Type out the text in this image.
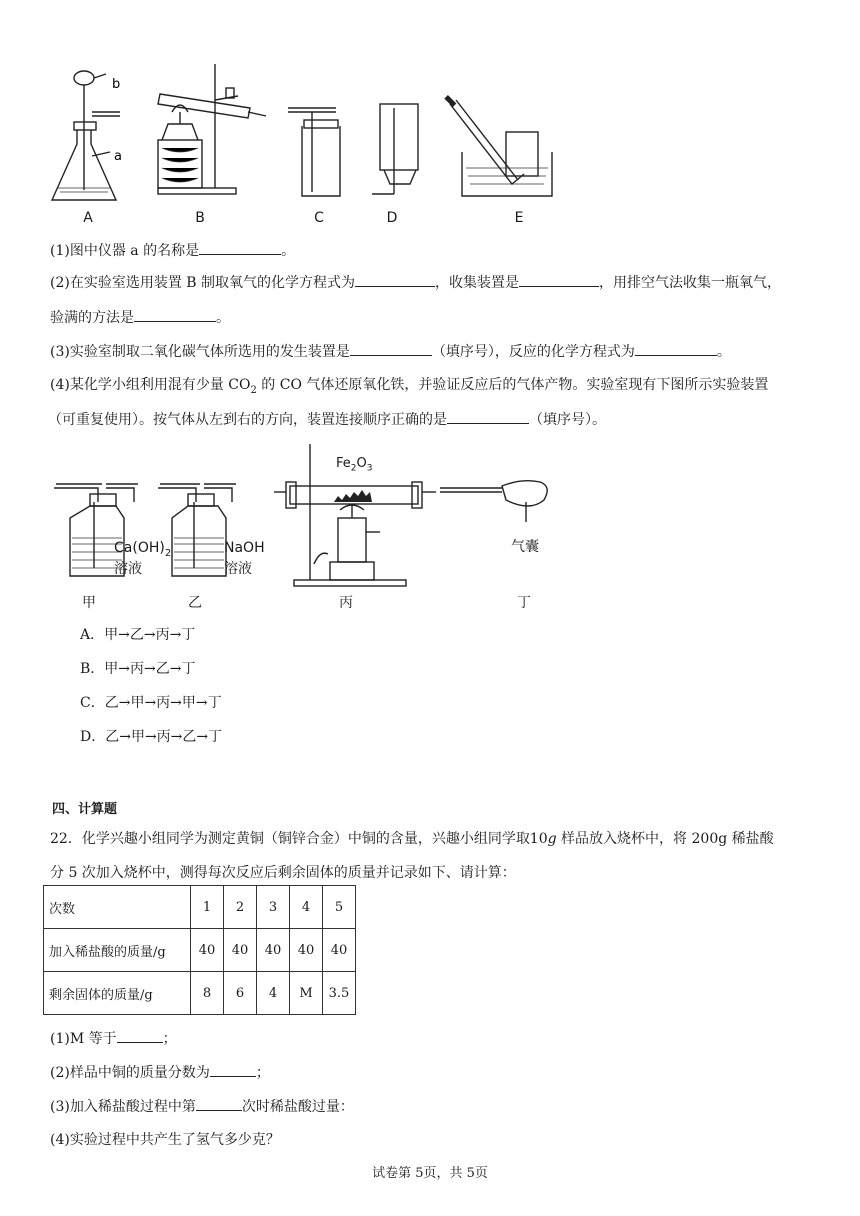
b
a
A	B	C	D	E
(1)图中仪器 a 的名称是	。
(2)在实验室选用装置 B 制取氧气的化学方程式为	，收集装置是	，用排空气法收集一瓶氧气，
验满的方法是	。
(3)实验室制取二氧化碳气体所选用的发生装置是	（填序号），反应的化学方程式为	。
(4)某化学小组利用混有少量 $CO_2$ 的 CO 气体还原氧化铁，并验证反应后的气体产物。实验室现有下图所示实验装置
（可重复使用）。按气体从左到右的方向，装置连接顺序正确的是	（填序号）。
$Ca(OH)_2$
溶液
NaOH
溶液
$Fe_2O_3$
气囊
甲	乙	丙	丁
A．甲→乙→丙→丁
B．甲→丙→乙→丁
C．乙→甲→丙→甲→丁
D．乙→甲→丙→乙→丁
四、计算题
22．化学兴趣小组同学为测定黄铜（铜锌合金）中铜的含量，兴趣小组同学取10g 样品放入烧杯中，将 200g 稀盐酸
分 5 次加入烧杯中，测得每次反应后剩余固体的质量并记录如下、请计算：
次数	1	2	3	4	5
加入稀盐酸的质量/g	40	40	40	40	40
剩余固体的质量/g	8	6	4	M	3.5
(1)M 等于	；
(2)样品中铜的质量分数为	；
(3)加入稀盐酸过程中第	次时稀盐酸过量：
(4)实验过程中共产生了氢气多少克？
试卷第 5页，共 5页
